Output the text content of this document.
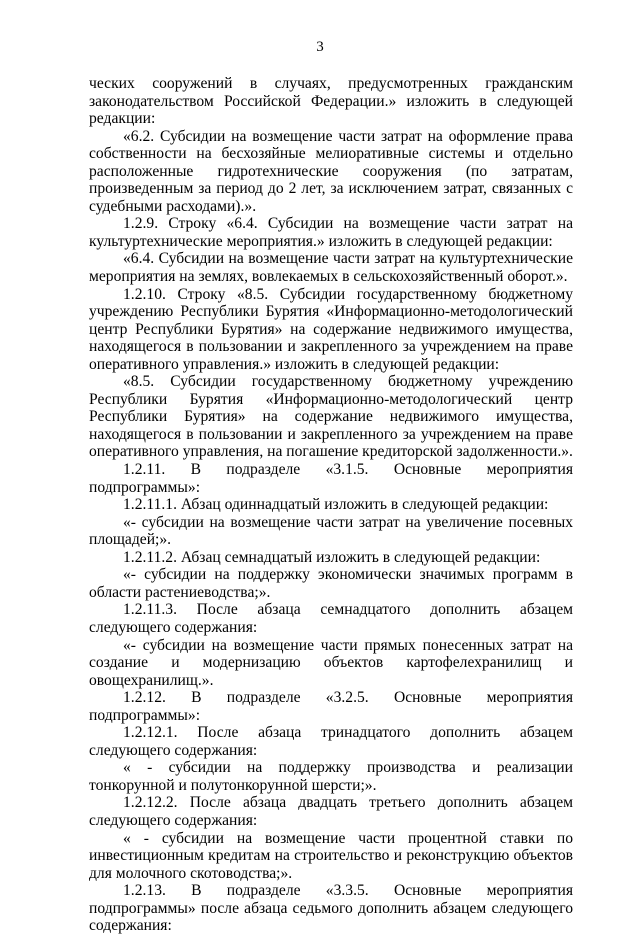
3

ческих сооружений в случаях, предусмотренных гражданским законодательством Российской Федерации.» изложить в следующей редакции:

«6.2. Субсидии на возмещение части затрат на оформление права собственности на бесхозяйные мелиоративные системы и отдельно расположенные гидротехнические сооружения (по затратам, произведенным за период до 2 лет, за исключением затрат, связанных с судебными расходами).».

1.2.9. Строку «6.4. Субсидии на возмещение части затрат на культуртехнические мероприятия.» изложить в следующей редакции:

«6.4. Субсидии на возмещение части затрат на культуртехнические мероприятия на землях, вовлекаемых в сельскохозяйственный оборот.».

1.2.10. Строку «8.5. Субсидии государственному бюджетному учреждению Республики Бурятия «Информационно-методологический центр Республики Бурятия» на содержание недвижимого имущества, находящегося в пользовании и закрепленного за учреждением на праве оперативного управления.» изложить в следующей редакции:

«8.5. Субсидии государственному бюджетному учреждению Республики Бурятия «Информационно-методологический центр Республики Бурятия» на содержание недвижимого имущества, находящегося в пользовании и закрепленного за учреждением на праве оперативного управления, на погашение кредиторской задолженности.».

1.2.11. В подразделе «3.1.5. Основные мероприятия подпрограммы»:

1.2.11.1. Абзац одиннадцатый изложить в следующей редакции:

«- субсидии на возмещение части затрат на увеличение посевных площадей;».

1.2.11.2. Абзац семнадцатый изложить в следующей редакции:

«- субсидии на поддержку экономически значимых программ в области растениеводства;».

1.2.11.3. После абзаца семнадцатого дополнить абзацем следующего содержания:

«- субсидии на возмещение части прямых понесенных затрат на создание и модернизацию объектов картофелехранилищ и овощехранилищ.».

1.2.12. В подразделе «3.2.5. Основные мероприятия подпрограммы»:

1.2.12.1. После абзаца тринадцатого дополнить абзацем следующего содержания:

« - субсидии на поддержку производства и реализации тонкорунной и полутонкорунной шерсти;».

1.2.12.2. После абзаца двадцать третьего дополнить абзацем следующего содержания:

« - субсидии на возмещение части процентной ставки по инвестиционным кредитам на строительство и реконструкцию объектов для молочного скотоводства;».

1.2.13. В подразделе «3.3.5. Основные мероприятия подпрограммы» после абзаца седьмого дополнить абзацем следующего содержания:
